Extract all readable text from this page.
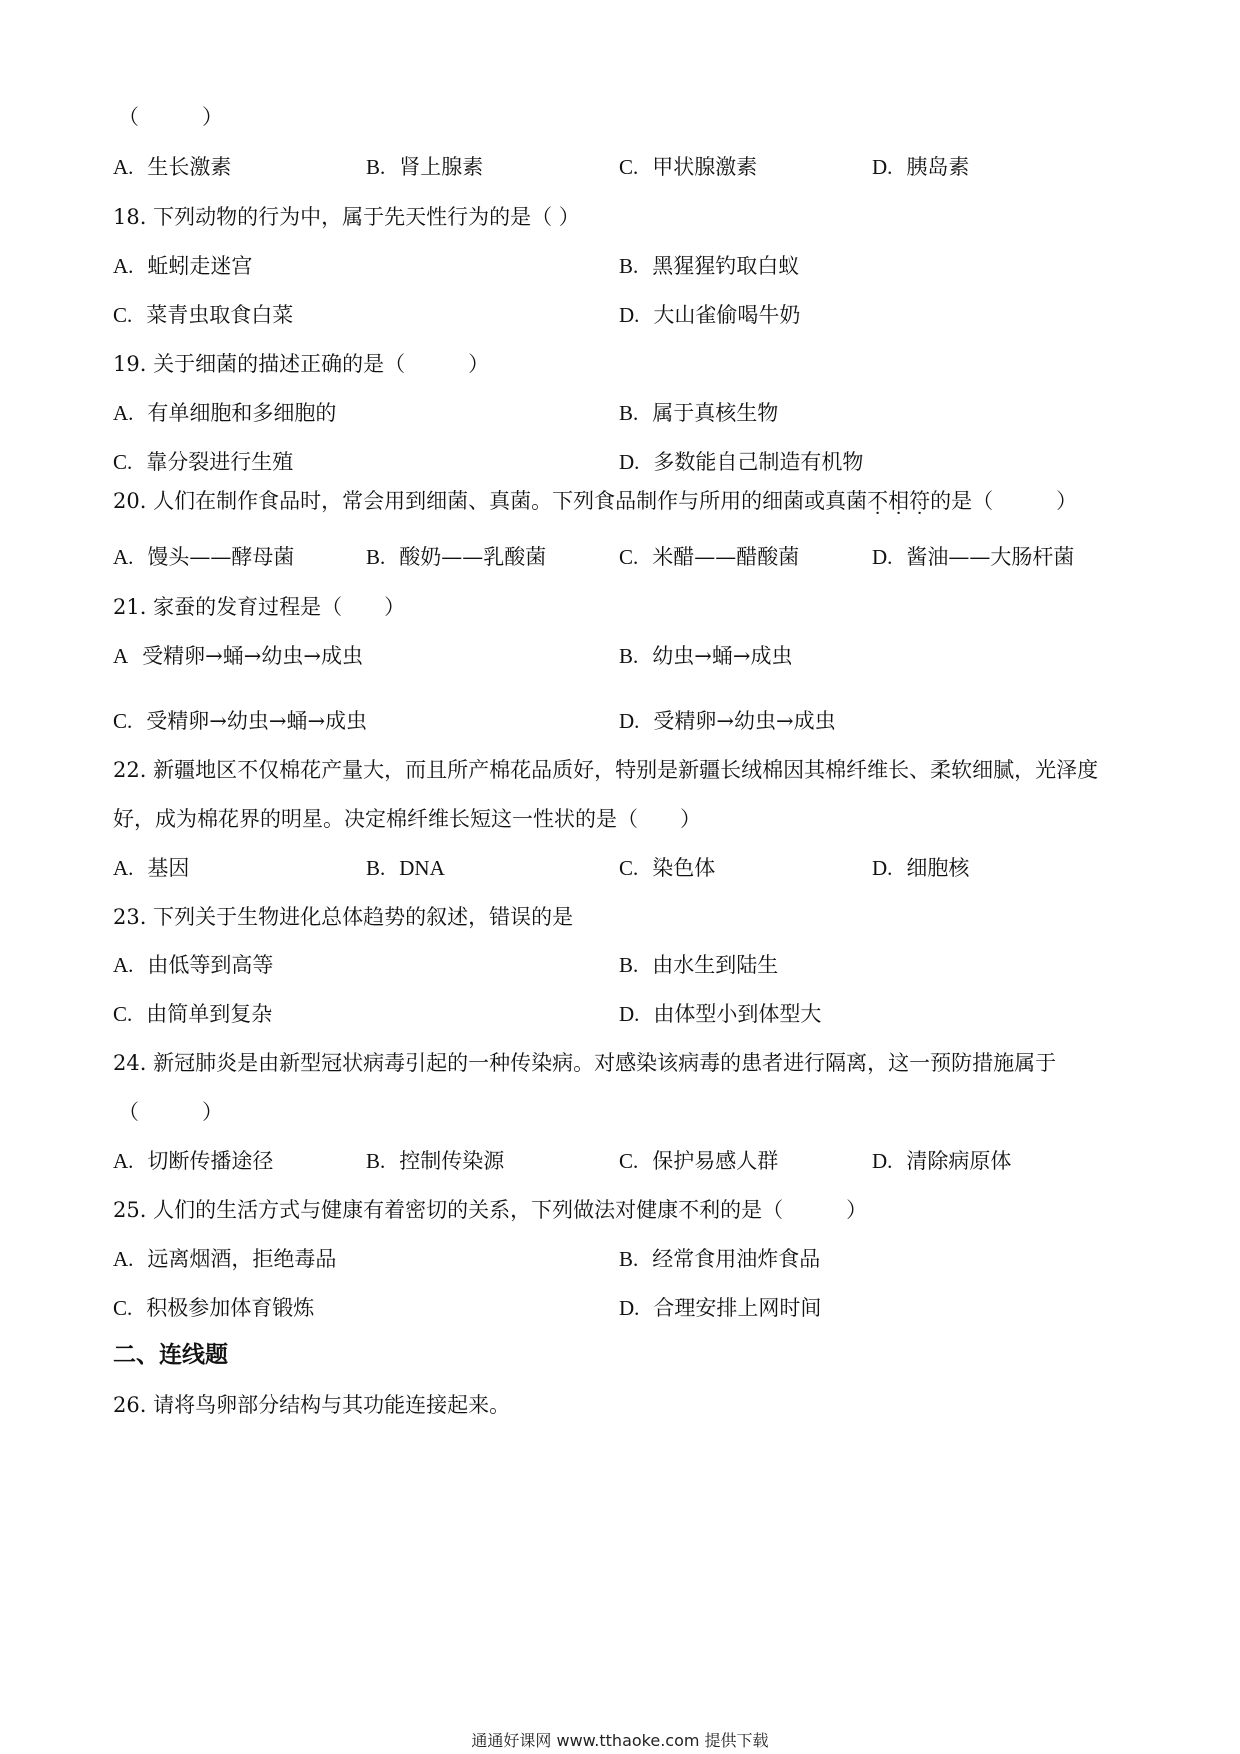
（　　　）
A. 生长激素	B. 肾上腺素	C. 甲状腺激素	D. 胰岛素
18. 下列动物的行为中，属于先天性行为的是（ ）
A. 蚯蚓走迷宫	B. 黑猩猩钓取白蚁
C. 菜青虫取食白菜	D. 大山雀偷喝牛奶
19. 关于细菌的描述正确的是（　　　）
A. 有单细胞和多细胞的	B. 属于真核生物
C. 靠分裂进行生殖	D. 多数能自己制造有机物
20. 人们在制作食品时，常会用到细菌、真菌。下列食品制作与所用的细菌或真菌不相符的是（　　　）
A. 馒头——酵母菌	B. 酸奶——乳酸菌	C. 米醋——醋酸菌	D. 酱油——大肠杆菌
21. 家蚕的发育过程是（　　）
A 受精卵→蛹→幼虫→成虫	B. 幼虫→蛹→成虫
C. 受精卵→幼虫→蛹→成虫	D. 受精卵→幼虫→成虫
22. 新疆地区不仅棉花产量大，而且所产棉花品质好，特别是新疆长绒棉因其棉纤维长、柔软细腻，光泽度
好，成为棉花界的明星。决定棉纤维长短这一性状的是（　　）
A. 基因	B. DNA	C. 染色体	D. 细胞核
23. 下列关于生物进化总体趋势的叙述，错误的是
A. 由低等到高等	B. 由水生到陆生
C. 由简单到复杂	D. 由体型小到体型大
24. 新冠肺炎是由新型冠状病毒引起的一种传染病。对感染该病毒的患者进行隔离，这一预防措施属于
（　　　）
A. 切断传播途径	B. 控制传染源	C. 保护易感人群	D. 清除病原体
25. 人们的生活方式与健康有着密切的关系，下列做法对健康不利的是（　　　）
A. 远离烟酒，拒绝毒品	B. 经常食用油炸食品
C. 积极参加体育锻炼	D. 合理安排上网时间
二、连线题
26. 请将鸟卵部分结构与其功能连接起来。
通通好课网 www.tthaoke.com 提供下载
